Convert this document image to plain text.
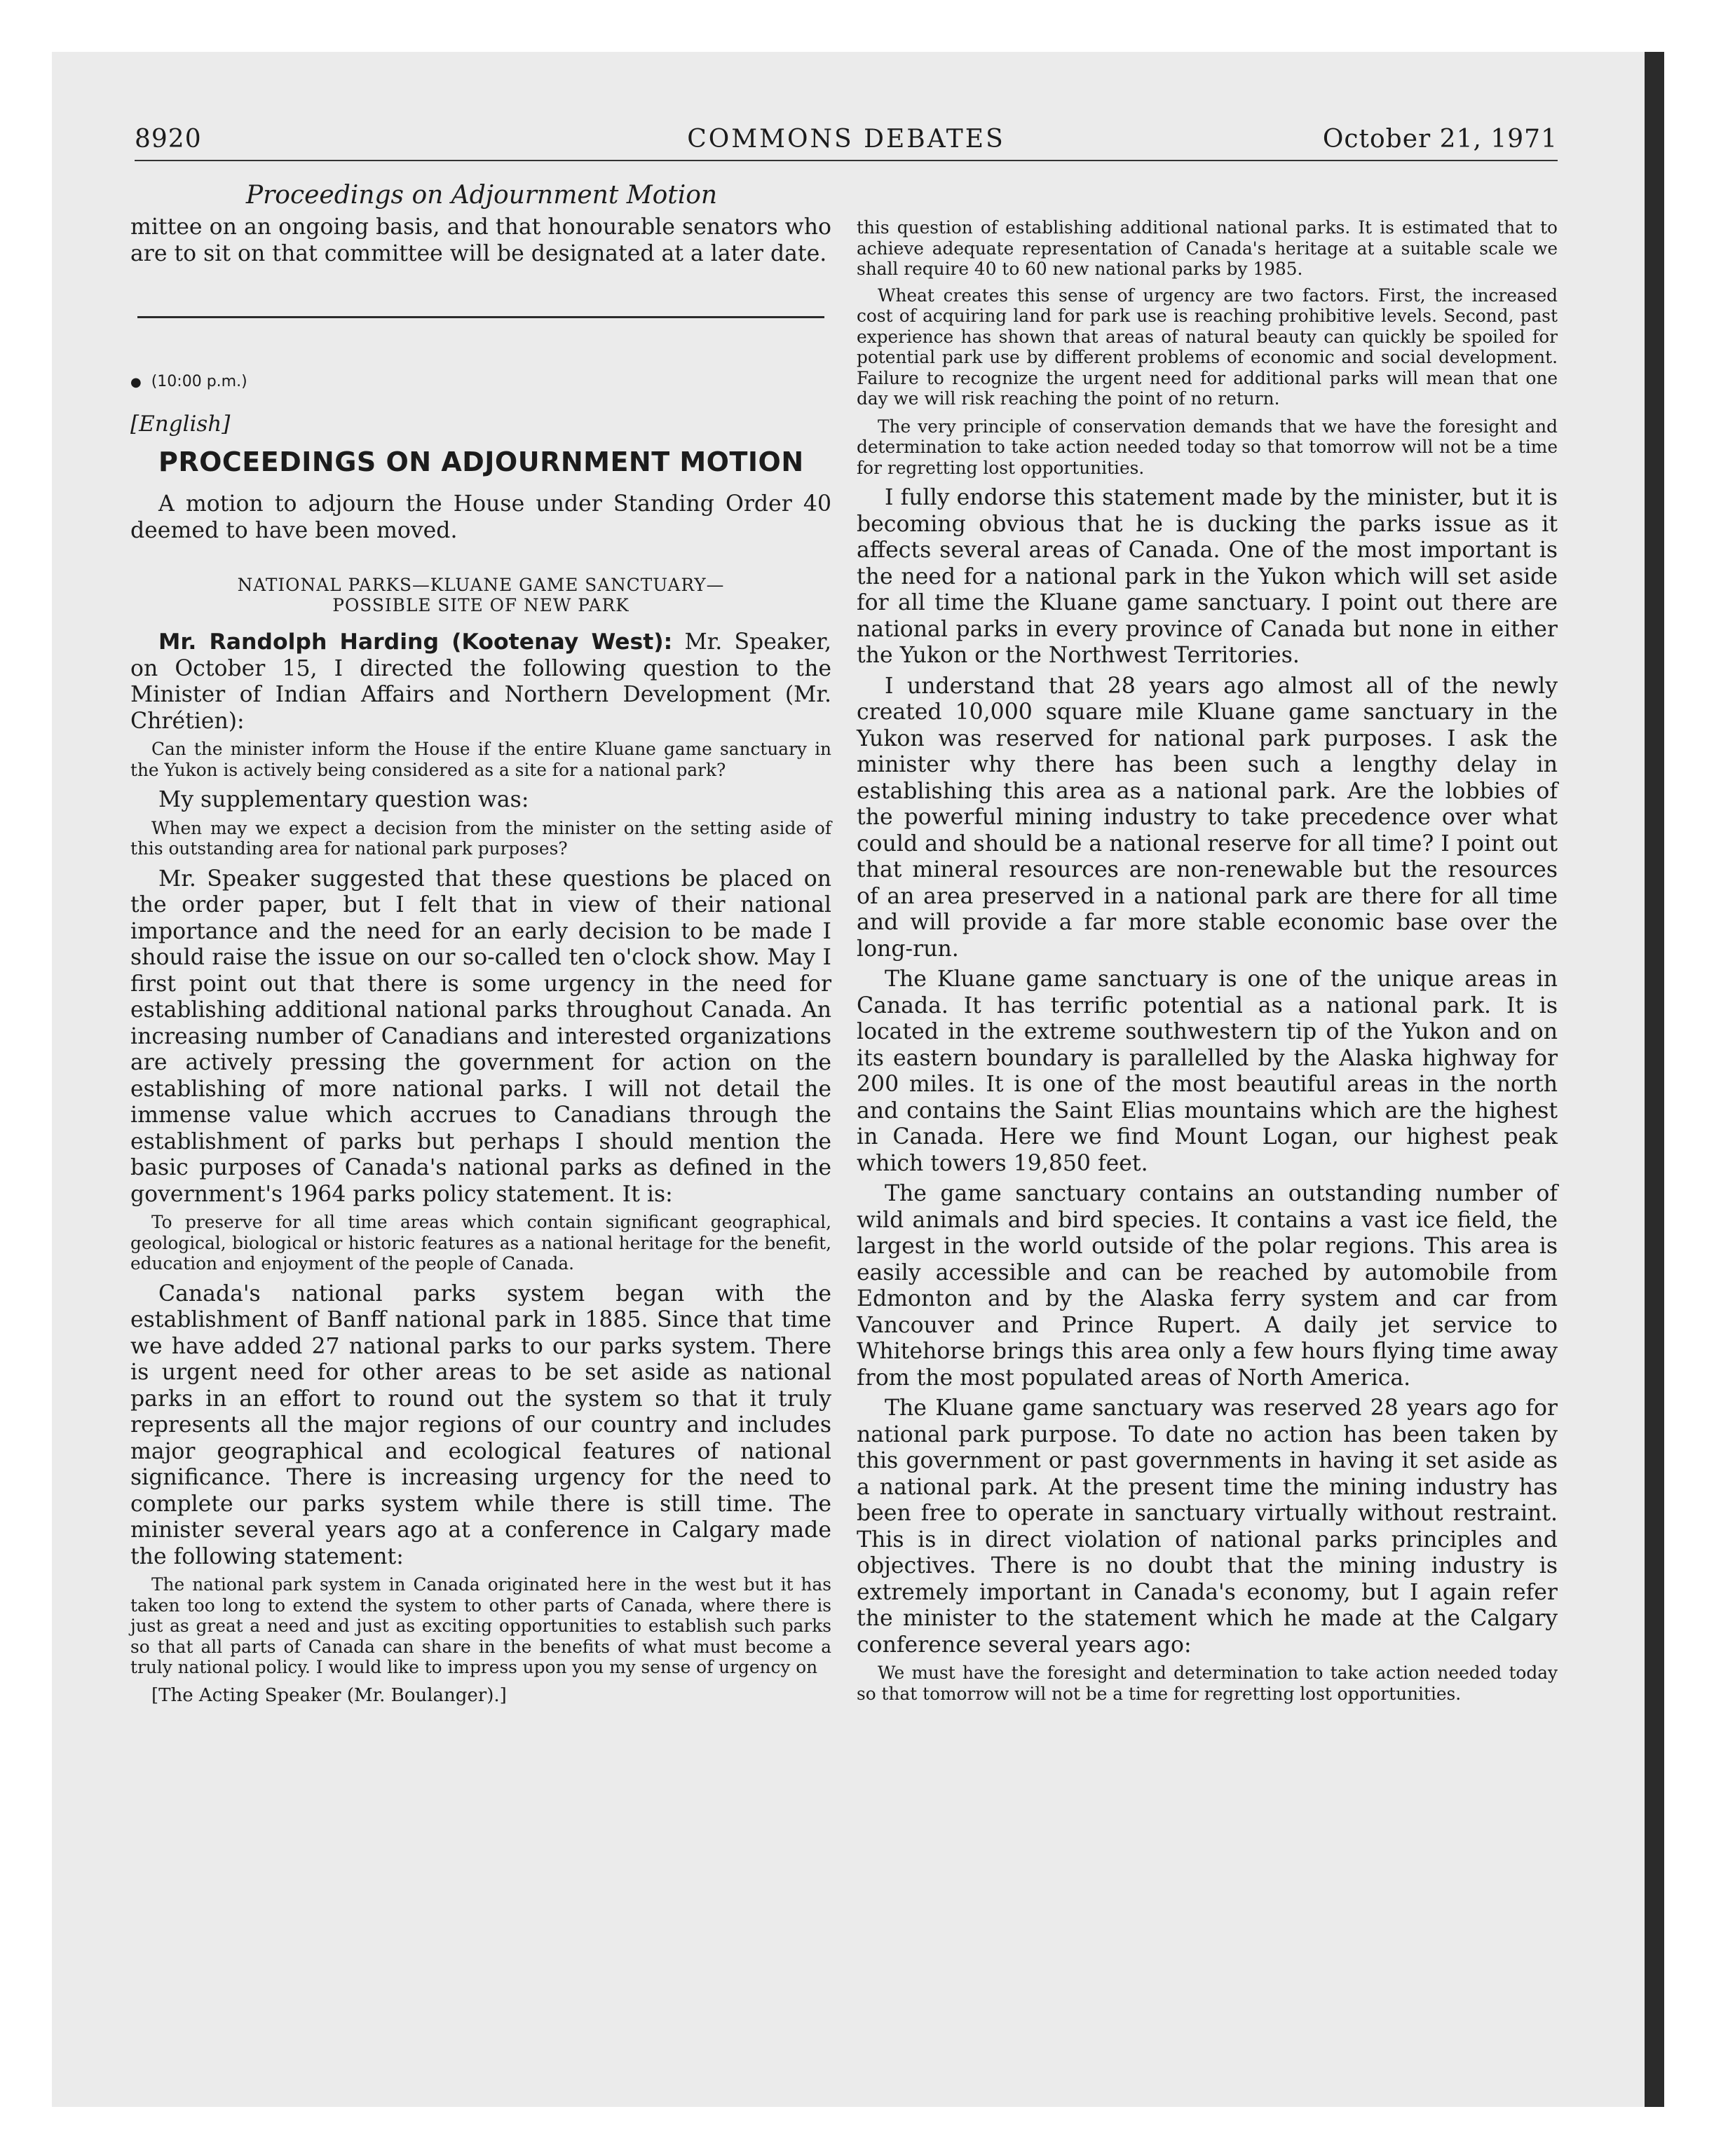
8920	COMMONS DEBATES	October 21, 1971
Proceedings on Adjournment Motion

mittee on an ongoing basis, and that honourable senators who are to sit on that committee will be designated at a later date.

● (10:00 p.m.)
[English]
PROCEEDINGS ON ADJOURNMENT MOTION

A motion to adjourn the House under Standing Order 40 deemed to have been moved.

NATIONAL PARKS—KLUANE GAME SANCTUARY—
POSSIBLE SITE OF NEW PARK

Mr. Randolph Harding (Kootenay West): Mr. Speaker, on October 15, I directed the following question to the Minister of Indian Affairs and Northern Development (Mr. Chrétien):

Can the minister inform the House if the entire Kluane game sanctuary in the Yukon is actively being considered as a site for a national park?

My supplementary question was:

When may we expect a decision from the minister on the setting aside of this outstanding area for national park purposes?

Mr. Speaker suggested that these questions be placed on the order paper, but I felt that in view of their national importance and the need for an early decision to be made I should raise the issue on our so-called ten o'clock show. May I first point out that there is some urgency in the need for establishing additional national parks throughout Canada. An increasing number of Canadians and interested organizations are actively pressing the government for action on the establishing of more national parks. I will not detail the immense value which accrues to Canadians through the establishment of parks but perhaps I should mention the basic purposes of Canada's national parks as defined in the government's 1964 parks policy statement. It is:

To preserve for all time areas which contain significant geographical, geological, biological or historic features as a national heritage for the benefit, education and enjoyment of the people of Canada.

Canada's national parks system began with the establishment of Banff national park in 1885. Since that time we have added 27 national parks to our parks system. There is urgent need for other areas to be set aside as national parks in an effort to round out the system so that it truly represents all the major regions of our country and includes major geographical and ecological features of national significance. There is increasing urgency for the need to complete our parks system while there is still time. The minister several years ago at a conference in Calgary made the following statement:

The national park system in Canada originated here in the west but it has taken too long to extend the system to other parts of Canada, where there is just as great a need and just as exciting opportunities to establish such parks so that all parts of Canada can share in the benefits of what must become a truly national policy. I would like to impress upon you my sense of urgency on

[The Acting Speaker (Mr. Boulanger).]

this question of establishing additional national parks. It is estimated that to achieve adequate representation of Canada's heritage at a suitable scale we shall require 40 to 60 new national parks by 1985.

Wheat creates this sense of urgency are two factors. First, the increased cost of acquiring land for park use is reaching prohibitive levels. Second, past experience has shown that areas of natural beauty can quickly be spoiled for potential park use by different problems of economic and social development. Failure to recognize the urgent need for additional parks will mean that one day we will risk reaching the point of no return.

The very principle of conservation demands that we have the foresight and determination to take action needed today so that tomorrow will not be a time for regretting lost opportunities.

I fully endorse this statement made by the minister, but it is becoming obvious that he is ducking the parks issue as it affects several areas of Canada. One of the most important is the need for a national park in the Yukon which will set aside for all time the Kluane game sanctuary. I point out there are national parks in every province of Canada but none in either the Yukon or the Northwest Territories.

I understand that 28 years ago almost all of the newly created 10,000 square mile Kluane game sanctuary in the Yukon was reserved for national park purposes. I ask the minister why there has been such a lengthy delay in establishing this area as a national park. Are the lobbies of the powerful mining industry to take precedence over what could and should be a national reserve for all time? I point out that mineral resources are non-renewable but the resources of an area preserved in a national park are there for all time and will provide a far more stable economic base over the long-run.

The Kluane game sanctuary is one of the unique areas in Canada. It has terrific potential as a national park. It is located in the extreme southwestern tip of the Yukon and on its eastern boundary is parallelled by the Alaska highway for 200 miles. It is one of the most beautiful areas in the north and contains the Saint Elias mountains which are the highest in Canada. Here we find Mount Logan, our highest peak which towers 19,850 feet.

The game sanctuary contains an outstanding number of wild animals and bird species. It contains a vast ice field, the largest in the world outside of the polar regions. This area is easily accessible and can be reached by automobile from Edmonton and by the Alaska ferry system and car from Vancouver and Prince Rupert. A daily jet service to Whitehorse brings this area only a few hours flying time away from the most populated areas of North America.

The Kluane game sanctuary was reserved 28 years ago for national park purpose. To date no action has been taken by this government or past governments in having it set aside as a national park. At the present time the mining industry has been free to operate in sanctuary virtually without restraint. This is in direct violation of national parks principles and objectives. There is no doubt that the mining industry is extremely important in Canada's economy, but I again refer the minister to the statement which he made at the Calgary conference several years ago:

We must have the foresight and determination to take action needed today so that tomorrow will not be a time for regretting lost opportunities.
